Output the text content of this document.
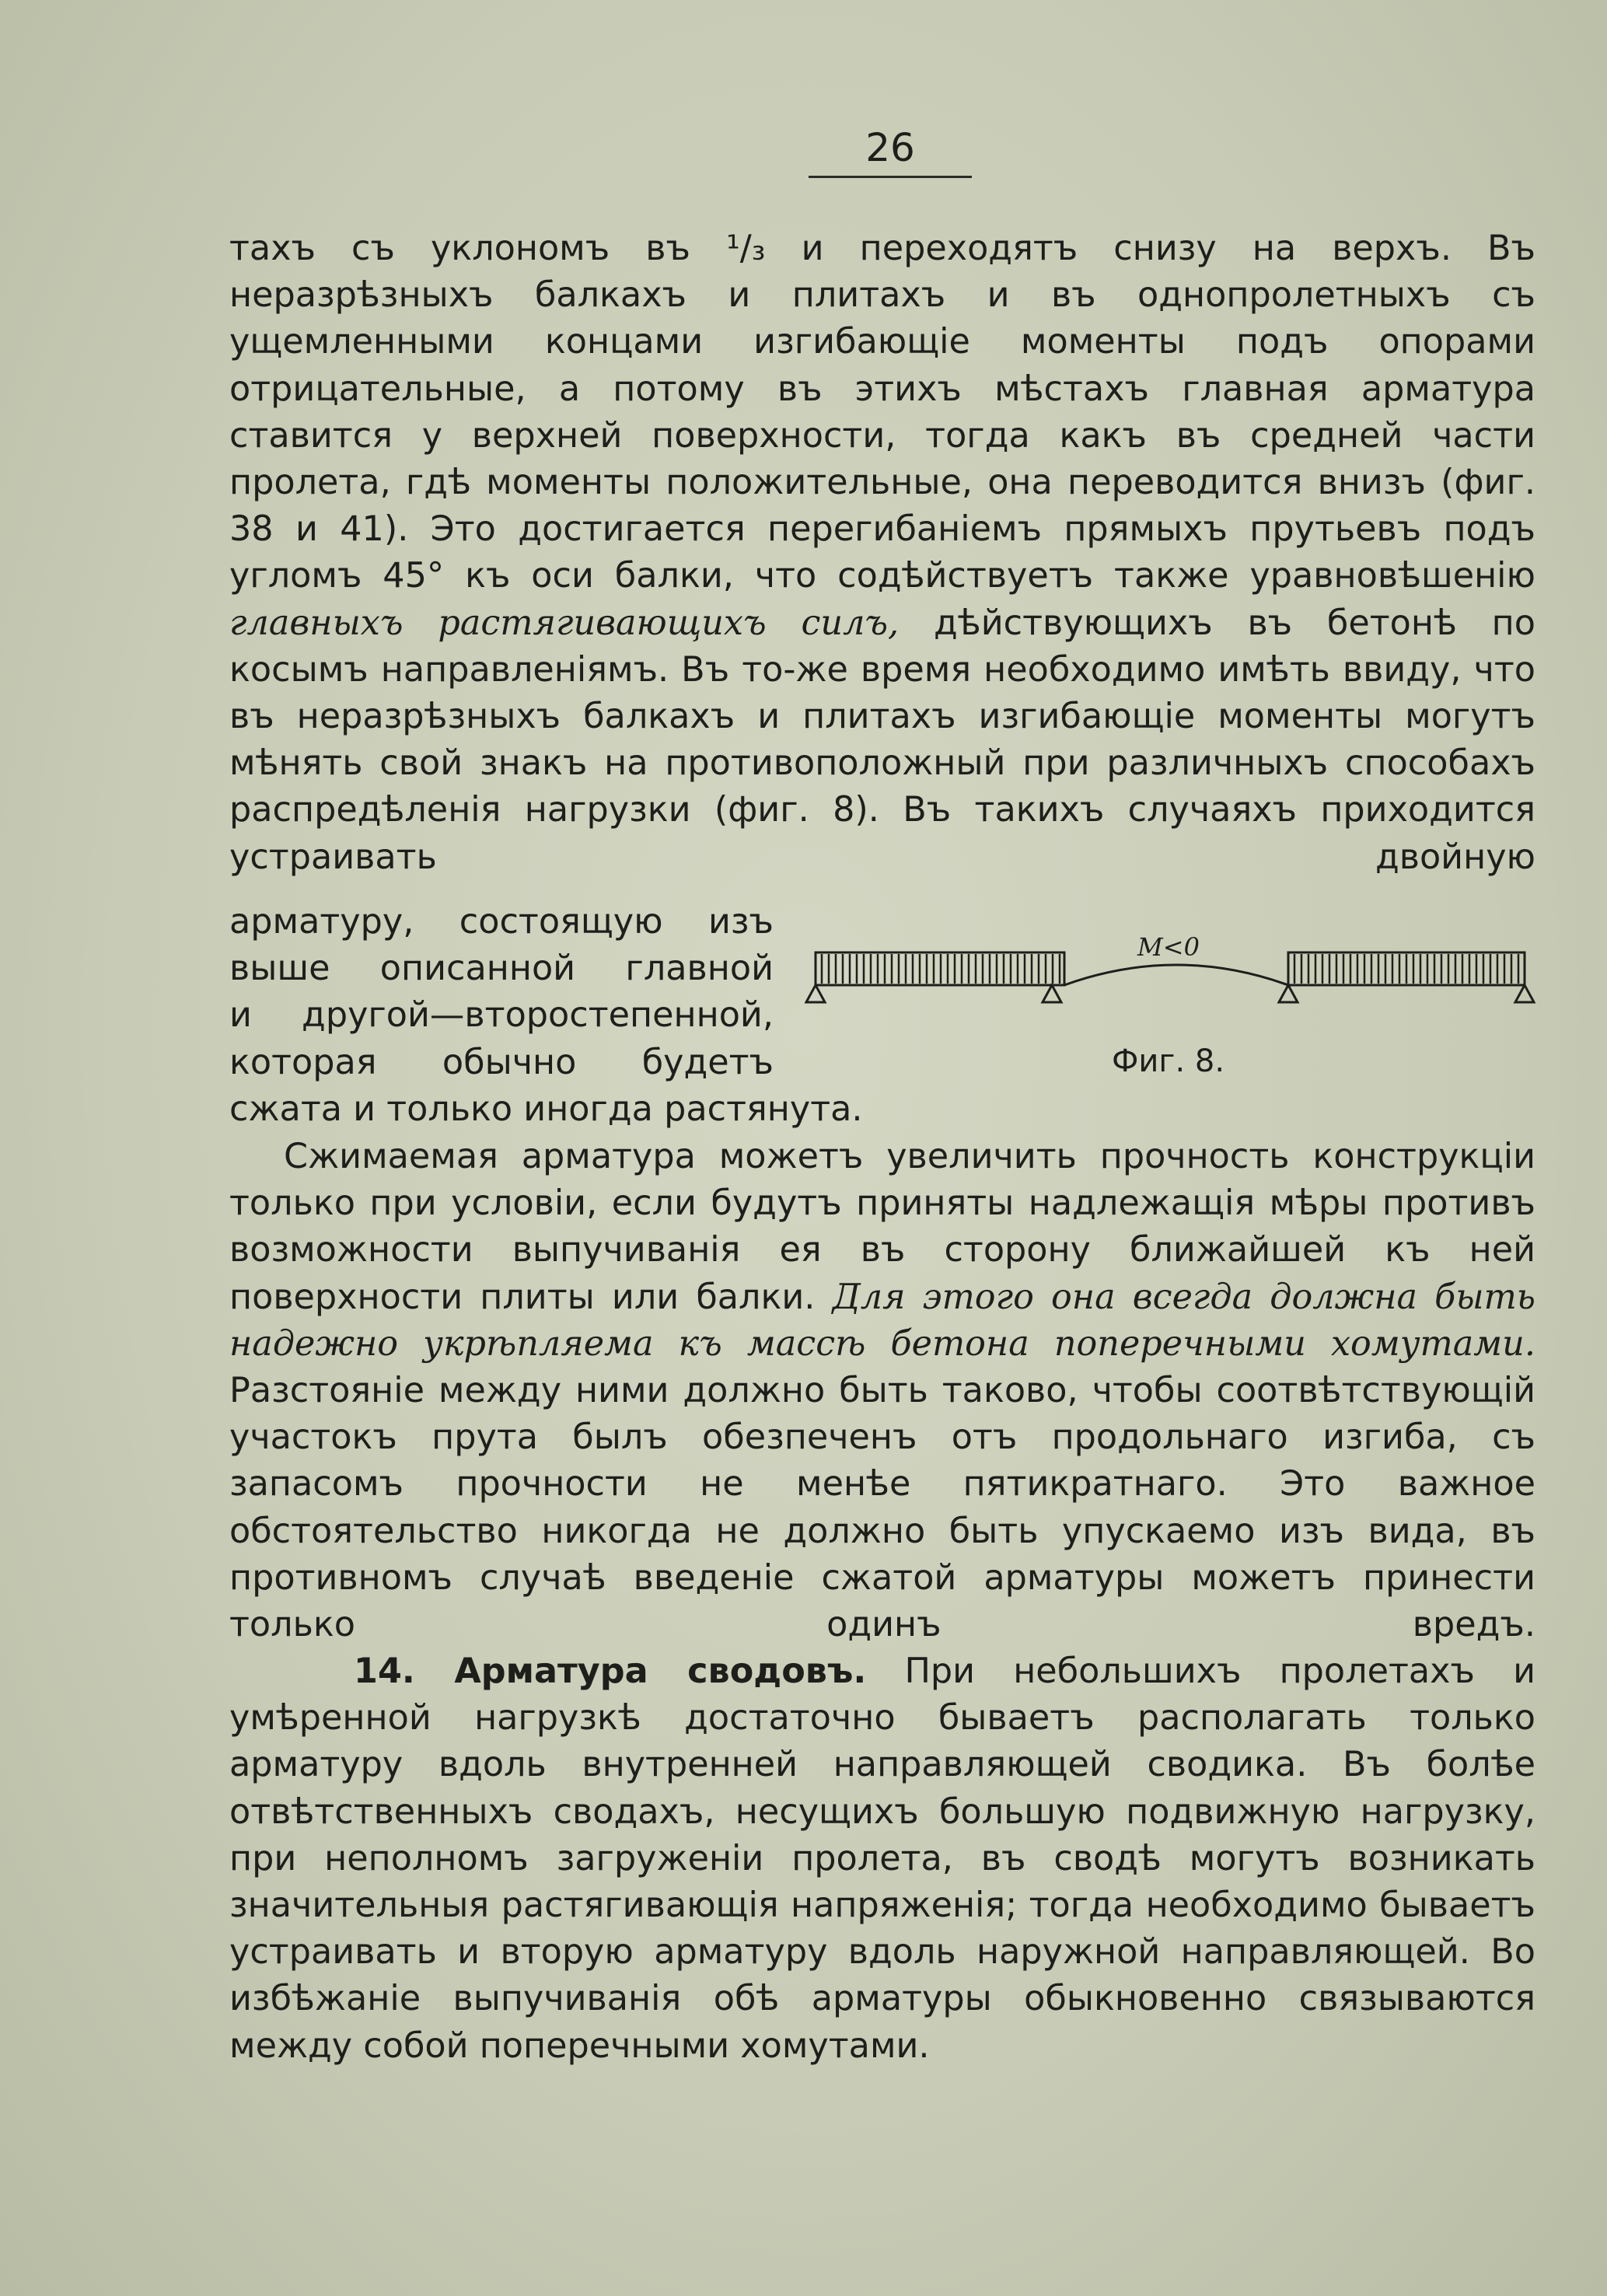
26

тахъ съ уклономъ въ ¹/₃ и переходятъ снизу на верхъ. Въ неразрѣзныхъ балкахъ и плитахъ и въ однопролетныхъ съ ущемленными концами изгибающіе моменты подъ опорами отрицательные, а потому въ этихъ мѣстахъ главная арматура ставится у верхней поверхности, тогда какъ въ средней части пролета, гдѣ моменты положительные, она переводится внизъ (фиг. 38 и 41). Это достигается перегибаніемъ прямыхъ прутьевъ подъ угломъ 45° къ оси балки, что содѣйствуетъ также уравновѣшенію главныхъ растягивающихъ силъ, дѣйствующихъ въ бетонѣ по косымъ направленіямъ. Въ то-же время необходимо имѣть ввиду, что въ неразрѣзныхъ балкахъ и плитахъ изгибающіе моменты могутъ мѣнять свой знакъ на противоположный при различныхъ способахъ распредѣленія нагрузки (фиг. 8). Въ такихъ случаяхъ приходится устраивать двойную

арматуру, состоящую изъ
выше описанной главной
и другой—второстепенной,
которая обычно будетъ
сжата и только иногда растянута.
M<0
Фиг. 8.

Сжимаемая арматура можетъ увеличить прочность конструкціи только при условіи, если будутъ приняты надлежащія мѣры противъ возможности выпучиванія ея въ сторону ближайшей къ ней поверхности плиты или балки. Для этого она всегда должна быть надежно укрѣпляема къ массѣ бетона поперечными хомутами. Разстояніе между ними должно быть таково, чтобы соотвѣтствующій участокъ прута былъ обезпеченъ отъ продольнаго изгиба, съ запасомъ прочности не менѣе пятикратнаго. Это важное обстоятельство никогда не должно быть упускаемо изъ вида, въ противномъ случаѣ введеніе сжатой арматуры можетъ принести только одинъ вредъ.

14. Арматура сводовъ. При небольшихъ пролетахъ и умѣренной нагрузкѣ достаточно бываетъ располагать только арматуру вдоль внутренней направляющей сводика. Въ болѣе отвѣтственныхъ сводахъ, несущихъ большую подвижную нагрузку, при неполномъ загруженіи пролета, въ сводѣ могутъ возникать значительныя растягивающія напряженія; тогда необходимо бываетъ устраивать и вторую арматуру вдоль наружной направляющей. Во избѣжаніе выпучиванія обѣ арматуры обыкновенно связываются между собой поперечными хомутами.
